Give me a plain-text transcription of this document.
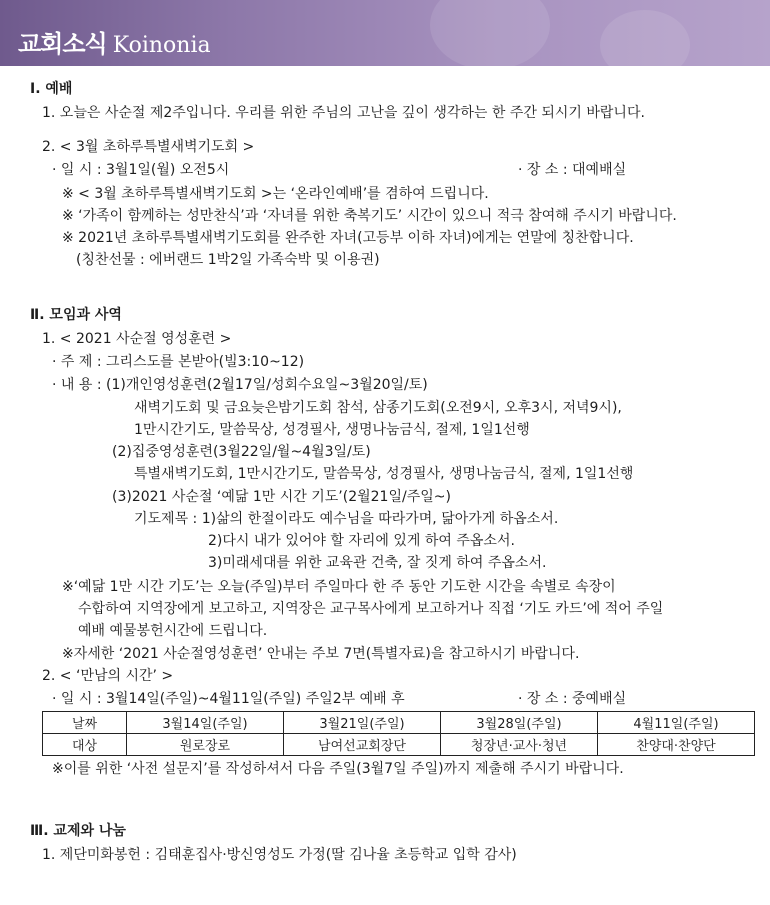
교회소식 Koinonia
Ⅰ. 예배
1. 오늘은 사순절 제2주입니다. 우리를 위한 주님의 고난을 깊이 생각하는 한 주간 되시기 바랍니다.
2. < 3월 초하루특별새벽기도회 >
· 일 시 : 3월1일(월) 오전5시	· 장 소 : 대예배실
※ < 3월 초하루특별새벽기도회 >는 ‘온라인예배’를 겸하여 드립니다.
※ ‘가족이 함께하는 성만찬식’과 ‘자녀를 위한 축복기도’ 시간이 있으니 적극 참여해 주시기 바랍니다.
※ 2021년 초하루특별새벽기도회를 완주한 자녀(고등부 이하 자녀)에게는 연말에 칭찬합니다.
(칭찬선물 : 에버랜드 1박2일 가족숙박 및 이용권)
Ⅱ. 모임과 사역
1. < 2021 사순절 영성훈련 >
· 주 제 : 그리스도를 본받아(빌3:10~12)
· 내 용 : (1)개인영성훈련(2월17일/성회수요일~3월20일/토)
새벽기도회 및 금요늦은밤기도회 참석, 삼종기도회(오전9시, 오후3시, 저녁9시),
1만시간기도, 말씀묵상, 성경필사, 생명나눔금식, 절제, 1일1선행
(2)집중영성훈련(3월22일/월~4월3일/토)
특별새벽기도회, 1만시간기도, 말씀묵상, 성경필사, 생명나눔금식, 절제, 1일1선행
(3)2021 사순절 ‘예닮 1만 시간 기도’(2월21일/주일~)
기도제목 : 1)삶의 한절이라도 예수님을 따라가며, 닮아가게 하옵소서.
2)다시 내가 있어야 할 자리에 있게 하여 주옵소서.
3)미래세대를 위한 교육관 건축, 잘 짓게 하여 주옵소서.
※‘예닮 1만 시간 기도’는 오늘(주일)부터 주일마다 한 주 동안 기도한 시간을 속별로 속장이
수합하여 지역장에게 보고하고, 지역장은 교구목사에게 보고하거나 직접 ‘기도 카드’에 적어 주일
예배 예물봉헌시간에 드립니다.
※자세한 ‘2021 사순절영성훈련’ 안내는 주보 7면(특별자료)을 참고하시기 바랍니다.
2. < ‘만남의 시간’ >
· 일 시 : 3월14일(주일)~4월11일(주일) 주일2부 예배 후	· 장 소 : 중예배실
날짜	3월14일(주일)	3월21일(주일)	3월28일(주일)	4월11일(주일)
대상	원로장로	남여선교회장단	청장년·교사·청년	찬양대·찬양단
※이를 위한 ‘사전 설문지’를 작성하셔서 다음 주일(3월7일 주일)까지 제출해 주시기 바랍니다.
Ⅲ. 교제와 나눔
1. 제단미화봉헌 : 김태훈집사·방신영성도 가정(딸 김나율 초등학교 입학 감사)
